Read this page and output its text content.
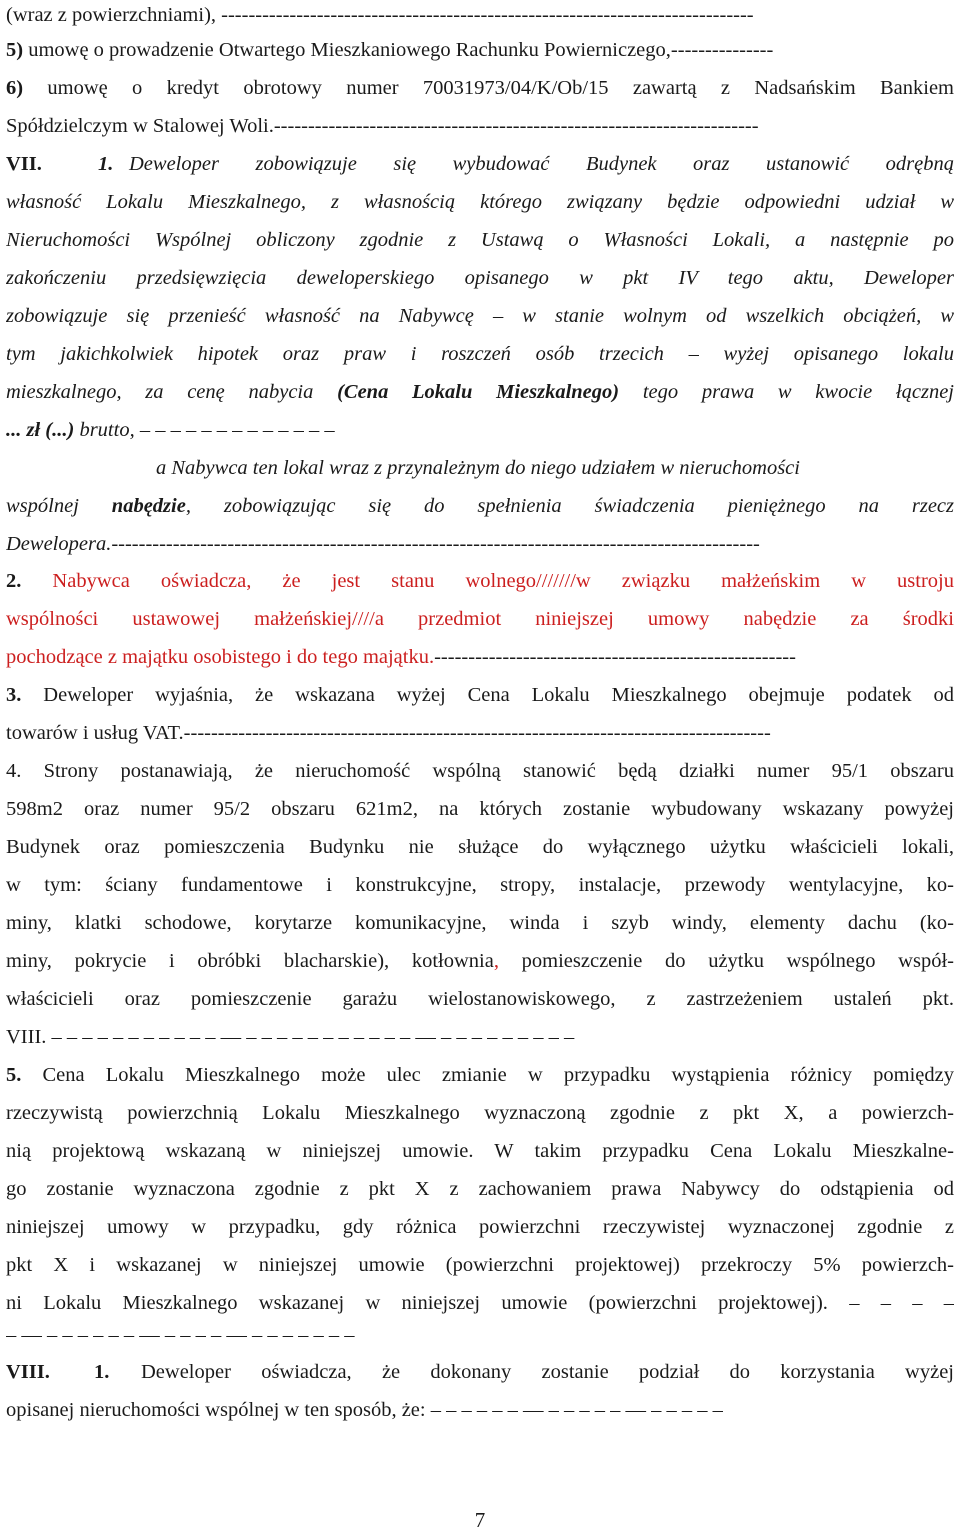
(wraz z powierzchniami), ------------------------------------------------------------------------------
5) umowę o prowadzenie Otwartego Mieszkaniowego Rachunku Powierniczego,---------------
6) umowę o kredyt obrotowy numer 70031973/04/K/Ob/15 zawartą z Nadsańskim Bankiem
Spółdzielczym w Stalowej Woli.-----------------------------------------------------------------------
VII.	1. Deweloper zobowiązuje się wybudować Budynek oraz ustanowić odrębną
własność Lokalu Mieszkalnego, z własnością którego związany będzie odpowiedni udział w
Nieruchomości Wspólnej obliczony zgodnie z Ustawą o Własności Lokali, a następnie po
zakończeniu przedsięwzięcia deweloperskiego opisanego w pkt IV tego aktu, Deweloper
zobowiązuje się przenieść własność na Nabywcę – w stanie wolnym od wszelkich obciążeń, w
tym jakichkolwiek hipotek oraz praw i roszczeń osób trzecich – wyżej opisanego lokalu
mieszkalnego, za cenę nabycia (Cena Lokalu Mieszkalnego) tego prawa w kwocie łącznej
... zł (...) brutto, – – – – – – – – – – – – –
a Nabywca ten lokal wraz z przynależnym do niego udziałem w nieruchomości
wspólnej nabędzie, zobowiązując się do spełnienia świadczenia pieniężnego na rzecz
Dewelopera.-----------------------------------------------------------------------------------------------
2. Nabywca oświadcza, że jest stanu wolnego///////w związku małżeńskim w ustroju
wspólności ustawowej małżeńskiej////a przedmiot niniejszej umowy nabędzie za środki
pochodzące z majątku osobistego i do tego majątku.-----------------------------------------------------
3. Deweloper wyjaśnia, że wskazana wyżej Cena Lokalu Mieszkalnego obejmuje podatek od
towarów i usług VAT.--------------------------------------------------------------------------------------
4. Strony postanawiają, że nieruchomość wspólną stanowić będą działki numer 95/1 obszaru
598m2 oraz numer 95/2 obszaru 621m2, na których zostanie wybudowany wskazany powyżej
Budynek oraz pomieszczenia Budynku nie służące do wyłącznego użytku właścicieli lokali,
w tym: ściany fundamentowe i konstrukcyjne, stropy, instalacje, przewody wentylacyjne, ko-
miny, klatki schodowe, korytarze komunikacyjne, winda i szyb windy, elementy dachu (ko-
miny, pokrycie i obróbki blacharskie), kotłownia, pomieszczenie do użytku wspólnego współ-
właścicieli oraz pomieszczenie garażu wielostanowiskowego, z zastrzeżeniem ustaleń pkt.
VIII. – – – – – – – – – – – — – – – – – – – – – – – — – – – – – – – – –
5. Cena Lokalu Mieszkalnego może ulec zmianie w przypadku wystąpienia różnicy pomiędzy
rzeczywistą powierzchnią Lokalu Mieszkalnego wyznaczoną zgodnie z pkt X, a powierzch-
nią projektową wskazaną w niniejszej umowie. W takim przypadku Cena Lokalu Mieszkalne-
go zostanie wyznaczona zgodnie z pkt X z zachowaniem prawa Nabywcy do odstąpienia od
niniejszej umowy w przypadku, gdy różnica powierzchni rzeczywistej wyznaczonej zgodnie z
pkt X i wskazanej w niniejszej umowie (powierzchni projektowej) przekroczy 5% powierzch-
ni Lokalu Mieszkalnego wskazanej w niniejszej umowie (powierzchni projektowej). – – – –
– — – – – – – – — – – – – — – – – – – – –
VIII. 1. Deweloper oświadcza, że dokonany zostanie podział do korzystania wyżej
opisanej nieruchomości wspólnej w ten sposób, że: – – – – – – — – – – – – — – – – – –
7
